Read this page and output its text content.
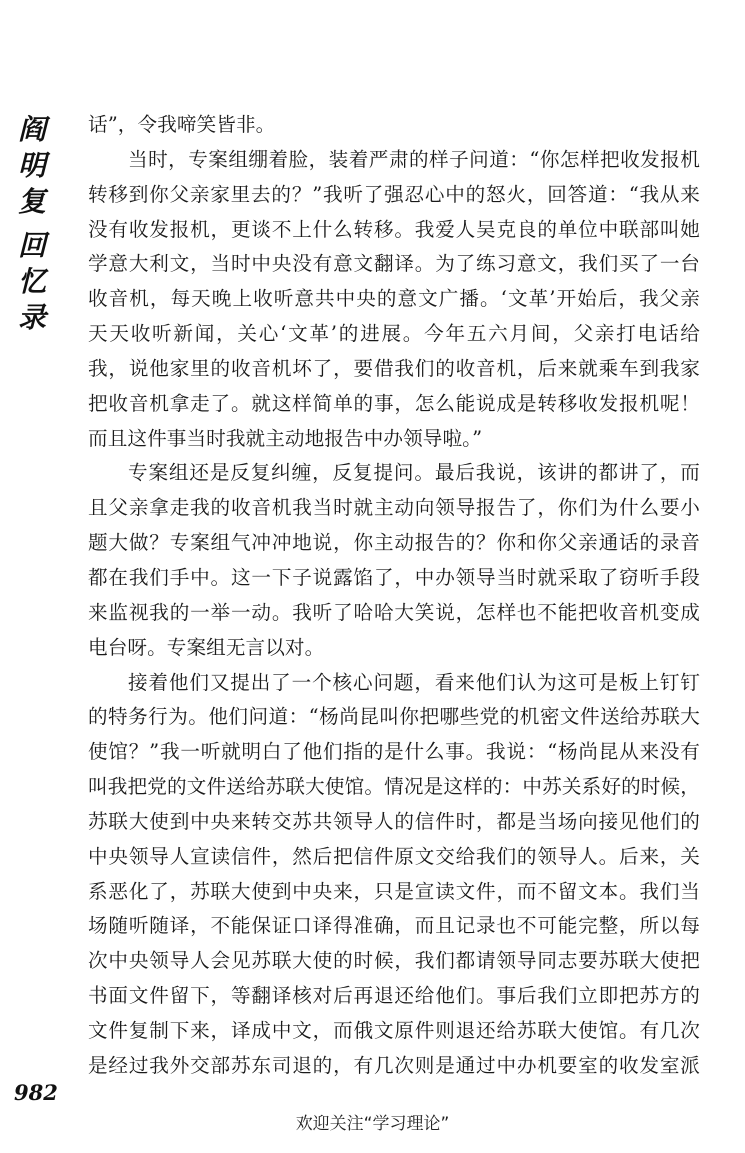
阎
明
复
回
忆
录
话”，令我啼笑皆非。
当时，专案组绷着脸，装着严肃的样子问道：“你怎样把收发报机
转移到你父亲家里去的？”我听了强忍心中的怒火，回答道：“我从来
没有收发报机，更谈不上什么转移。我爱人吴克良的单位中联部叫她
学意大利文，当时中央没有意文翻译。为了练习意文，我们买了一台
收音机，每天晚上收听意共中央的意文广播。‘文革’开始后，我父亲
天天收听新闻，关心‘文革’的进展。今年五六月间，父亲打电话给
我，说他家里的收音机坏了，要借我们的收音机，后来就乘车到我家
把收音机拿走了。就这样简单的事，怎么能说成是转移收发报机呢！
而且这件事当时我就主动地报告中办领导啦。”
专案组还是反复纠缠，反复提问。最后我说，该讲的都讲了，而
且父亲拿走我的收音机我当时就主动向领导报告了，你们为什么要小
题大做？专案组气冲冲地说，你主动报告的？你和你父亲通话的录音
都在我们手中。这一下子说露馅了，中办领导当时就采取了窃听手段
来监视我的一举一动。我听了哈哈大笑说，怎样也不能把收音机变成
电台呀。专案组无言以对。
接着他们又提出了一个核心问题，看来他们认为这可是板上钉钉
的特务行为。他们问道：“杨尚昆叫你把哪些党的机密文件送给苏联大
使馆？”我一听就明白了他们指的是什么事。我说：“杨尚昆从来没有
叫我把党的文件送给苏联大使馆。情况是这样的：中苏关系好的时候，
苏联大使到中央来转交苏共领导人的信件时，都是当场向接见他们的
中央领导人宣读信件，然后把信件原文交给我们的领导人。后来，关
系恶化了，苏联大使到中央来，只是宣读文件，而不留文本。我们当
场随听随译，不能保证口译得准确，而且记录也不可能完整，所以每
次中央领导人会见苏联大使的时候，我们都请领导同志要苏联大使把
书面文件留下，等翻译核对后再退还给他们。事后我们立即把苏方的
文件复制下来，译成中文，而俄文原件则退还给苏联大使馆。有几次
是经过我外交部苏东司退的，有几次则是通过中办机要室的收发室派
982
欢迎关注“学习理论”
